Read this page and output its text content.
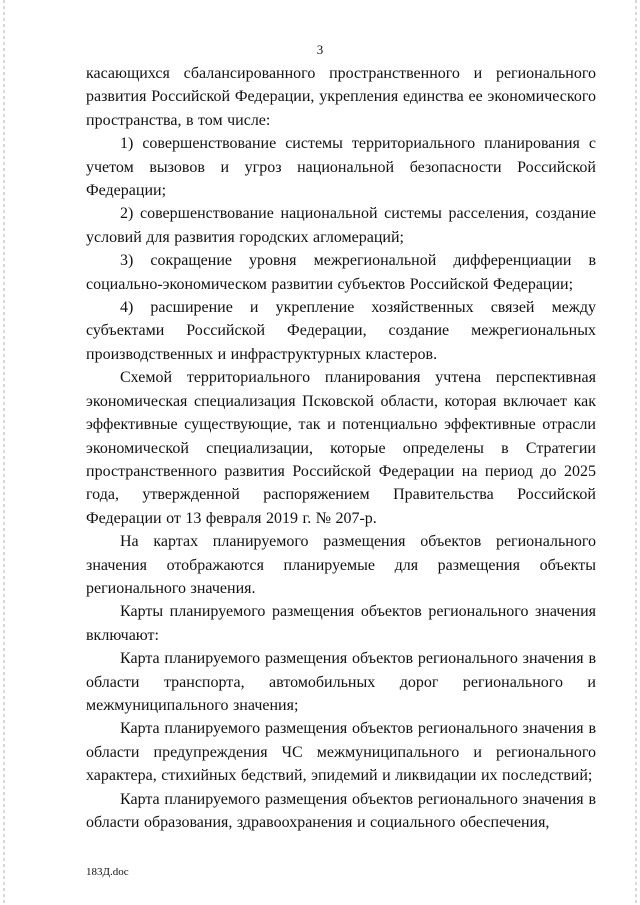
3

касающихся сбалансированного пространственного и регионального развития Российской Федерации, укрепления единства ее экономического пространства, в том числе:

1) совершенствование системы территориального планирования с учетом вызовов и угроз национальной безопасности Российской Федерации;

2) совершенствование национальной системы расселения, создание условий для развития городских агломераций;

3) сокращение уровня межрегиональной дифференциации в социально-экономическом развитии субъектов Российской Федерации;

4) расширение и укрепление хозяйственных связей между субъектами Российской Федерации, создание межрегиональных производственных и инфраструктурных кластеров.

Схемой территориального планирования учтена перспективная экономическая специализация Псковской области, которая включает как эффективные существующие, так и потенциально эффективные отрасли экономической специализации, которые определены в Стратегии пространственного развития Российской Федерации на период до 2025 года, утвержденной распоряжением Правительства Российской Федерации от 13 февраля 2019 г. № 207-р.

На картах планируемого размещения объектов регионального значения отображаются планируемые для размещения объекты регионального значения.

Карты планируемого размещения объектов регионального значения включают:

Карта планируемого размещения объектов регионального значения в области транспорта, автомобильных дорог регионального и межмуниципального значения;

Карта планируемого размещения объектов регионального значения в области предупреждения ЧС межмуниципального и регионального характера, стихийных бедствий, эпидемий и ликвидации их последствий;

Карта планируемого размещения объектов регионального значения в области образования, здравоохранения и социального обеспечения,

183Д.doc
